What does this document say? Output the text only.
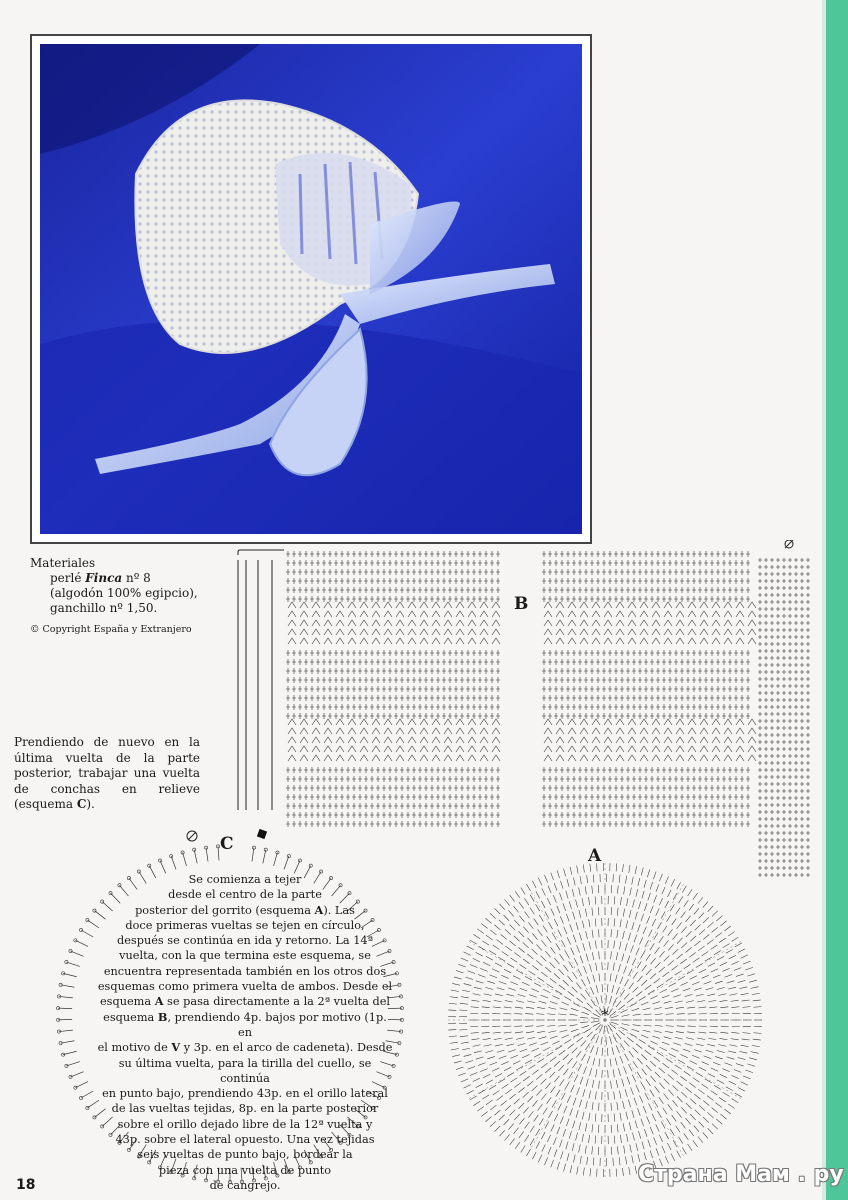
Materiales
perlé Finca nº 8
(algodón 100% egipcio),
ganchillo nº 1,50.
© Copyright España y Extranjero
Prendiendo de nuevo en la última vuelta de la parte posterior, trabajar una vuelta de conchas en relieve (esquema C).
B
C
Se comienza a tejer
desde el centro de la parte
posterior del gorrito (esquema A). Las
doce primeras vueltas se tejen en círculo,
después se continúa en ida y retorno. La 14ª
vuelta, con la que termina este esquema, se
encuentra representada también en los otros dos
esquemas como primera vuelta de ambos. Desde el
esquema A se pasa directamente a la 2ª vuelta del
esquema B, prendiendo 4p. bajos por motivo (1p. en
el motivo de V y 3p. en el arco de cadeneta). Desde
su última vuelta, para la tirilla del cuello, se continúa
en punto bajo, prendiendo 43p. en el orillo lateral
de las vueltas tejidas, 8p. en la parte posterior
sobre el orillo dejado libre de la 12ª vuelta y
43p. sobre el lateral opuesto. Una vez tejidas
seis vueltas de punto bajo, bordear la
pieza con una vuelta de punto
de cangrejo.
*
A
18	Страна Мам . ру
